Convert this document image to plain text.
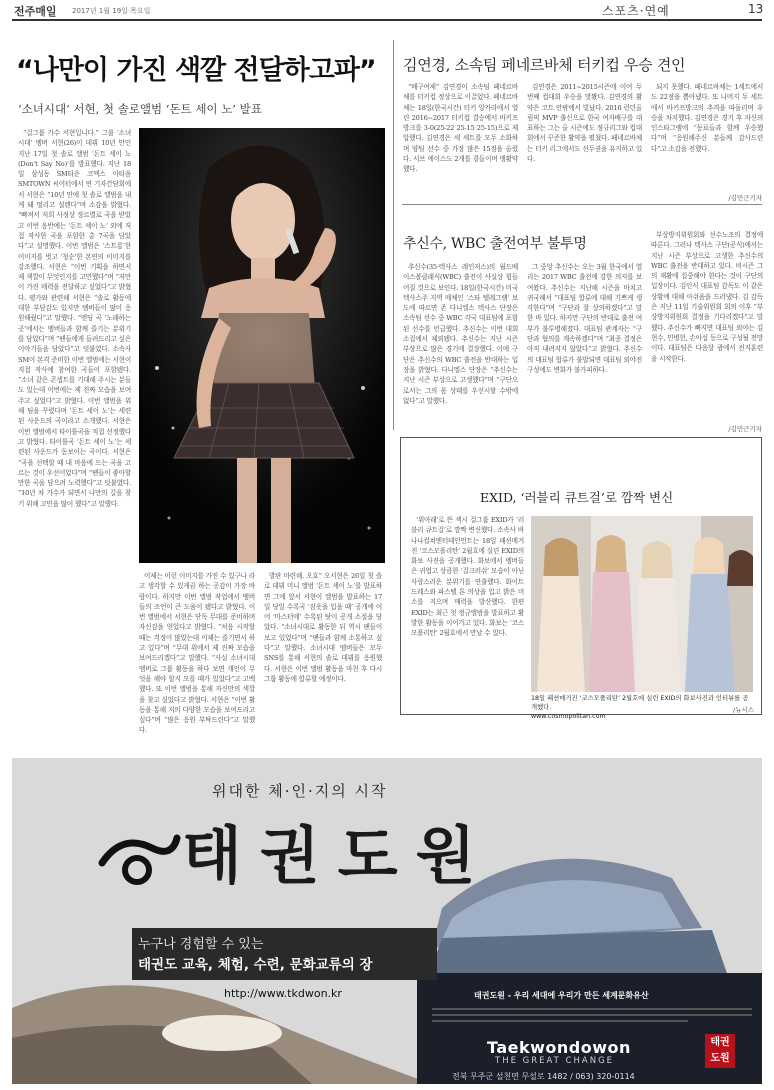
전주매일 2017년 1월 19일 목요일	스포츠·연예	13
“나만이 가진 색깔 전달하고파”
‘소녀시대’ 서현, 첫 솔로앨범 ‘돈트 세이 노’ 발표

“걸그룹 가수 서현입니다.” 그룹 ‘소녀시대’ 멤버 서현(26)이 데뷔 10년 만인 지난 17일 첫 솔로 앨범 ‘돈트 세이 노(Don’t Say No)’를 발표했다. 지난 18일 삼성동 SM타운 코엑스 아티움 SMTOWN 씨어터에서 연 기자간담회에서 서현은 “10년 만에 첫 솔로 앨범을 내게 돼 떨리고 설렌다”며 소감을 밝혔다. “빠져서 저희 사정상 장르별로 곡을 받았고 이번 음반에는 ‘돈트 세이 노’ 외에 직접 작사한 곡을 포함한 총 7곡을 담았다”고 설명했다. 이번 앨범은 ‘스트롱’한 이미지를 벗고 ‘청순’한 본연의 이미지를 강조했다. 서현은 “이번 기획을 하면서 제 색깔이 무엇인지를 고민했다”며 “저만이 가진 매력을 전달하고 싶었다”고 밝혔다. 평가와 관련해 서현은 “솔로 활동에 대한 부담감도 있지만 멤버들이 많이 응원해줬다”고 말했다. “엔딩 곡 ‘노래하는 곳’에서는 멤버들과 함께 즐기는 분위기를 담았다”며 “팬들에게 들려드리고 싶은 이야기들을 담았다”고 덧붙였다. 소속사 SM이 본격 준비한 이번 앨범에는 서현이 직접 작사에 참여한 곡들이 포함됐다. “소녀 같은 콘셉트를 기대해 주시는 분들도 있는데 이번에는 제 진짜 모습을 보여주고 싶었다”고 밝혔다. 이번 앨범을 위해 팀을 꾸렸다며 ‘돈트 세이 노’는 세련된 사운드의 곡이라고 소개했다. 서현은 이번 앨범에서 타이틀곡을 직접 선정했다고 밝혔다. 타이틀곡 ‘돈트 세이 노’는 세련된 사운드가 돋보이는 곡이다. 서현은 “곡을 선택할 때 내 마음에 드는 곡을 고르는 것이 우선이었다”며 “팬들이 좋아할 만한 곡을 담으려 노력했다”고 덧붙였다. “10년 차 가수가 되면서 나만의 길을 찾기 위해 고민을 많이 했다”고 말했다.

이제는 이런 이미지를 가진 수 있구나 라고 생각할 수 있게끔 하는 공감이 가장 바람이다. 하지만 이번 앨범 작업에서 멤버들의 조언이 큰 도움이 됐다고 밝혔다. 이번 앨범에서 서현은 단독 무대를 준비하며 자신감을 얻었다고 밝혔다. “처음 시작할 때는 걱정이 많았는데 이제는 즐기면서 하고 있다”며 “무대 위에서 제 진짜 모습을 보여드리겠다”고 말했다. “사실 소녀시대 멤버로 그룹 활동을 하다 보면 개인이 무엇을 해야 할지 모를 때가 있었다”고 고백했다. 또 이번 앨범을 통해 자신만의 색깔을 찾고 싶었다고 밝혔다. 서현은 “이번 활동을 통해 저의 다양한 모습을 보여드리고 싶다”며 “많은 응원 부탁드린다”고 말했다.

발판 마련해. 오호” 오서현은 26일 첫 솔로 데뷔 미니 앨범 ‘돈트 세이 노’를 발표하면 그에 앞서 서현이 앨범을 발표하는 17일 당일 수록곡 ‘잠옷을 입을 때’ 공개에 이어 ‘마스터에’ 수록된 탓이 공개 소절을 담았다. “소녀시대로 활동한 뒤 역시 팬들이 보고 있었다”며 “팬들과 함께 소통하고 싶다”고 말했다. 소녀시대 멤버들은 모두 SNS를 통해 서현의 솔로 데뷔를 응원했다. 서현은 이번 앨범 활동을 마친 후 다시 그룹 활동에 합류할 예정이다.

김연경, 소속팀 페네르바체 터키컵 우승 견인

“배구여제” 김연경이 소속팀 페네르바체를 터키컵 정상으로 이끌었다. 페네르바체는 18일(한국시간) 터키 앙카라에서 열린 2016~2017 터키컵 결승에서 바키프방크를 3-0(25-22 25-15 25-15)으로 제압했다. 김연경은 세 세트를 모두 소화하며 양팀 선수 중 가장 많은 15점을 올렸다. 서브 에이스도 2개를 곁들이며 맹활약했다.

김연경은 2011~2015시즌에 이어 두 번째 컵대회 우승을 맛봤다. 김연경의 활약은 코트 안팎에서 빛났다. 2016 런던올림픽 MVP 출신으로 한국 여자배구를 대표하는 그는 올 시즌에도 정규리그와 컵대회에서 꾸준한 활약을 펼쳤다. 페네르바체는 터키 리그에서도 선두권을 유지하고 있다.

되지 못했다. 페네르바체는 1세트에서도 22점을 뽑아냈다. 또 나머지 두 세트에서 바키프방크의 추격을 따돌리며 우승을 차지했다. 김연경은 경기 후 자신의 인스타그램에 “동료들과 함께 우승했다”며 “응원해주신 분들께 감사드린다”고 소감을 전했다.

/김민근기자
추신수, WBC 출전여부 불투명

추신수(35·텍사스 레인저스)의 월드베이스볼클래식(WBC) 출전이 사실상 힘들어질 것으로 보인다. 18일(한국시간) 미국 텍사스주 지역 매체인 ‘스타 텔레그램’ 보도에 따르면 존 다니엘스 텍사스 단장은 소속팀 선수 중 WBC 각국 대표팀에 포함된 선수를 언급했다. 추신수는 이번 대회 소집에서 제외됐다. 추신수는 지난 시즌 부상으로 많은 경기에 결장했다. 이에 구단은 추신수의 WBC 출전을 반대하는 입장을 밝혔다. 다니엘스 단장은 “추신수는 지난 시즌 부상으로 고생했다”며 “구단으로서는 그의 몸 상태를 우선시할 수밖에 없다”고 말했다.

그 중앙 추신수는 오는 3월 한국에서 열리는 2017 WBC 출전에 강한 의지를 보여왔다. 추신수는 지난해 시즌을 마치고 귀국해서 “대표팀 합류에 대해 기쁘게 생각한다”며 “구단과 잘 상의하겠다”고 말한 바 있다. 하지만 구단의 반대로 출전 여부가 불투명해졌다. 대표팀 관계자는 “구단과 협의를 계속하겠다”며 “최종 결정은 아직 내려지지 않았다”고 밝혔다. 추신수의 대표팀 합류가 불발되면 대표팀 외야진 구성에도 변화가 불가피하다.

부상방지위원회와 선수노조의 결정에 따른다. 그러나 텍사스 구단(공식)에서는 지난 시즌 부상으로 고생한 추신수의 WBC 출전을 반대하고 있다. 비시즌 그의 재활에 집중해야 한다는 것이 구단의 입장이다. 김인식 대표팀 감독도 이 같은 상황에 대해 아쉬움을 드러냈다. 김 감독은 지난 11일 기술위원회 회의 이후 “부상방지위원회 결정을 기다리겠다”고 말했다. 추신수가 빠지면 대표팀 외야는 김현수, 민병헌, 손아섭 등으로 구성될 전망이다. 대표팀은 다음달 괌에서 전지훈련을 시작한다.

/김민근기자
EXID, ‘러블리 큐트걸’로 깜짝 변신

‘위아래’로 뜬 섹시 걸그룹 EXID가 ‘러블리 큐트걸’로 깜짝 변신했다. 소속사 바나나컬쳐엔터테인먼트는 18일 패션매거진 ‘코스모폴리탄’ 2월호에 실린 EXID의 화보 사진을 공개했다. 화보에서 멤버들은 귀엽고 상큼한 ‘걸크러쉬’ 모습이 아닌 사랑스러운 분위기를 연출했다. 화이트 드레스와 파스텔 톤 의상을 입고 밝은 미소를 지으며 매력을 발산했다. 한편 EXID는 최근 첫 정규앨범을 발표하고 활발한 활동을 이어가고 있다. 화보는 ‘코스모폴리탄’ 2월호에서 만날 수 있다.

18일 패션매거진 ‘코스모폴리탄’ 2월호에 실린 EXID의 화보사진과 인터뷰를 공개했다.
www.cosmopolitan.com
/뉴시스
위대한 체·인·지의 시작
태권도원
누구나 경험할 수 있는
태권도 교육, 체험, 수련, 문화교류의 장
http://www.tkdwon.kr	태권도원 - 우리 세대에 우리가 만든 세계문화유산
Taekwondowon
THE GREAT CHANGE
태권도원
전북 무주군 설천면 무설로 1482 / 063) 320-0114
